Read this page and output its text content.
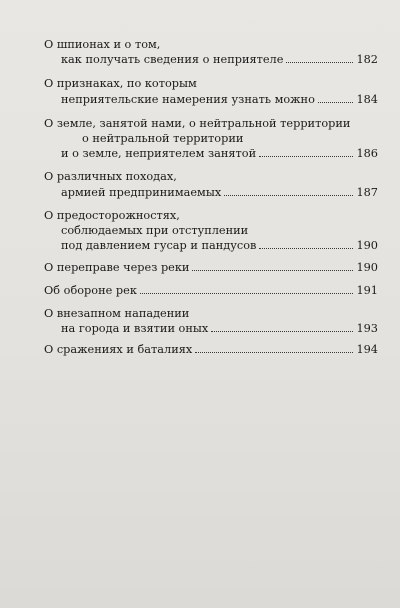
О шпионах и о том,
как получать сведения о неприятеле	182
О признаках, по которым
неприятельские намерения узнать можно	184
О земле, занятой нами, о нейтральной территории
о нейтральной территории
и о земле, неприятелем занятой	186
О различных походах,
армией предпринимаемых	187
О предосторожностях,
соблюдаемых при отступлении
под давлением гусар и пандусов	190
О переправе через реки	190
Об обороне рек	191
О внезапном нападении
на города и взятии оных	193
О сражениях и баталиях	194
